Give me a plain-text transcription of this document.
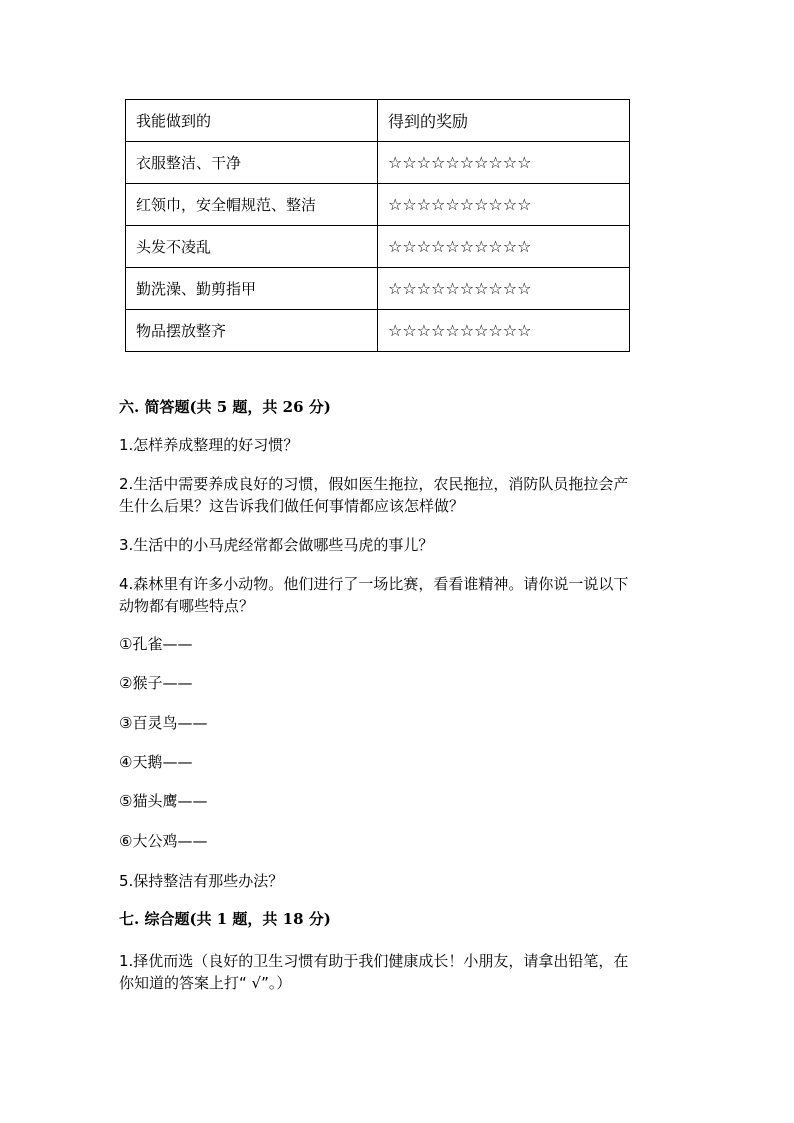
我能做到的	得到的奖励
衣服整洁、干净	☆☆☆☆☆☆☆☆☆☆
红领巾，安全帽规范、整洁	☆☆☆☆☆☆☆☆☆☆
头发不凌乱	☆☆☆☆☆☆☆☆☆☆
勤洗澡、勤剪指甲	☆☆☆☆☆☆☆☆☆☆
物品摆放整齐	☆☆☆☆☆☆☆☆☆☆
六. 简答题(共 5 题，共 26 分)
1.怎样养成整理的好习惯？
2.生活中需要养成良好的习惯，假如医生拖拉，农民拖拉，消防队员拖拉会产
生什么后果？这告诉我们做任何事情都应该怎样做？
3.生活中的小马虎经常都会做哪些马虎的事儿？
4.森林里有许多小动物。他们进行了一场比赛，看看谁精神。请你说一说以下
动物都有哪些特点？
①孔雀——
②猴子——
③百灵鸟——
④天鹅——
⑤猫头鹰——
⑥大公鸡——
5.保持整洁有那些办法？
七. 综合题(共 1 题，共 18 分)
1.择优而选（良好的卫生习惯有助于我们健康成长！小朋友，请拿出铅笔，在
你知道的答案上打“ √”。）
